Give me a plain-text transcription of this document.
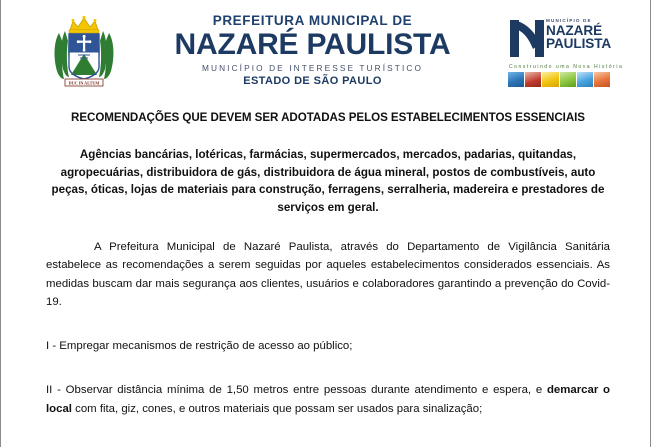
DUC IN ALTUM
PREFEITURA MUNICIPAL DE
NAZARÉ PAULISTA
MUNICÍPIO DE INTERESSE TURÍSTICO
ESTADO DE SÃO PAULO
MUNICÍPIO DE
NAZARÉ
PAULISTA
Construindo uma Nova História
RECOMENDAÇÕES QUE DEVEM SER ADOTADAS PELOS ESTABELECIMENTOS ESSENCIAIS
Agências bancárias, lotéricas, farmácias, supermercados, mercados, padarias, quitandas, agropecuárias, distribuidora de gás, distribuidora de água mineral, postos de combustíveis, auto peças, óticas, lojas de materiais para construção, ferragens, serralheria, madereira e prestadores de serviços em geral.
A Prefeitura Municipal de Nazaré Paulista, através do Departamento de Vigilância Sanitária estabelece as recomendações a serem seguidas por aqueles estabelecimentos considerados essenciais. As medidas buscam dar mais segurança aos clientes, usuários e colaboradores garantindo a prevenção do Covid-19.
I - Empregar mecanismos de restrição de acesso ao público;
II - Observar distância mínima de 1,50 metros entre pessoas durante atendimento e espera, e demarcar o local com fita, giz, cones, e outros materiais que possam ser usados para sinalização;
